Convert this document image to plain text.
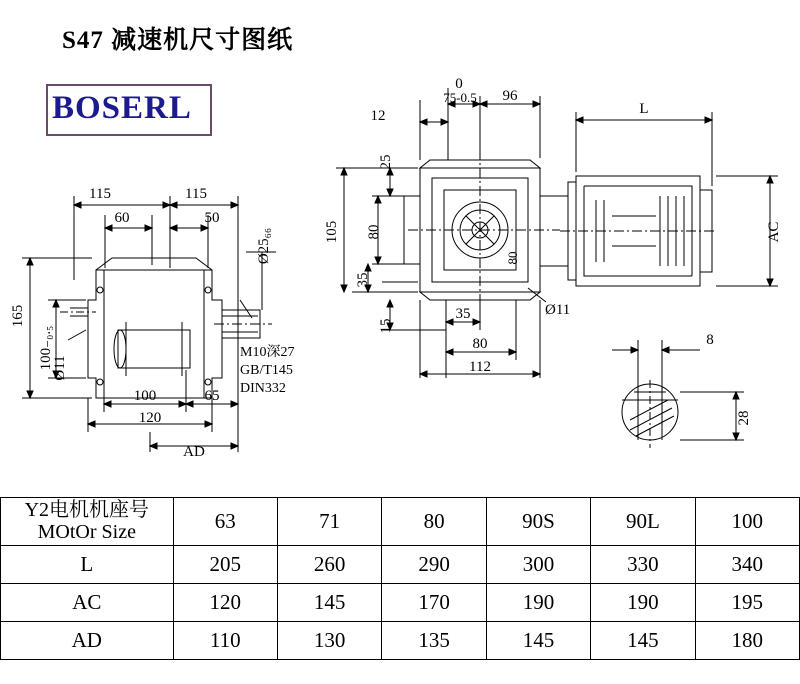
S47 减速机尺寸图纸
BOSERL
115	115
60	50
Ø25₆₆
165
100₋₀.₅
Ø11
100	65
120
AD
M10深27
GB/T145
DIN332
0
75-0.5 96
L
12
25
105 80
35
15
35
80
112
Ø11
80
AC
8
28
Y2电机机座号
MOtOr Size	63	71	80	90S	90L	100
L	205	260	290	300	330	340
AC	120	145	170	190	190	195
AD	110	130	135	145	145	180
